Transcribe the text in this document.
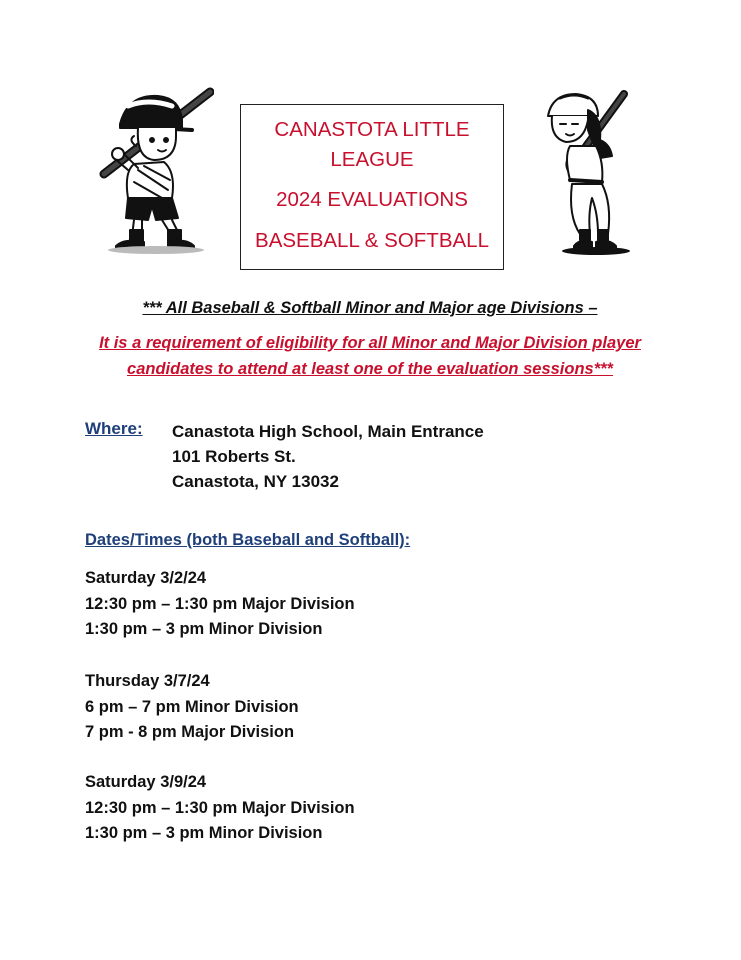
CANASTOTA LITTLE LEAGUE
2024 EVALUATIONS
BASEBALL & SOFTBALL
*** All Baseball & Softball Minor and Major age Divisions –
It is a requirement of eligibility for all Minor and Major Division player candidates to attend at least one of the evaluation sessions***
Where: Canastota High School, Main Entrance
101 Roberts St.
Canastota, NY 13032
Dates/Times (both Baseball and Softball):
Saturday 3/2/24
12:30 pm – 1:30 pm Major Division
1:30 pm – 3 pm Minor Division
Thursday 3/7/24
6 pm – 7 pm Minor Division
7 pm - 8 pm Major Division
Saturday 3/9/24
12:30 pm – 1:30 pm Major Division
1:30 pm – 3 pm Minor Division
